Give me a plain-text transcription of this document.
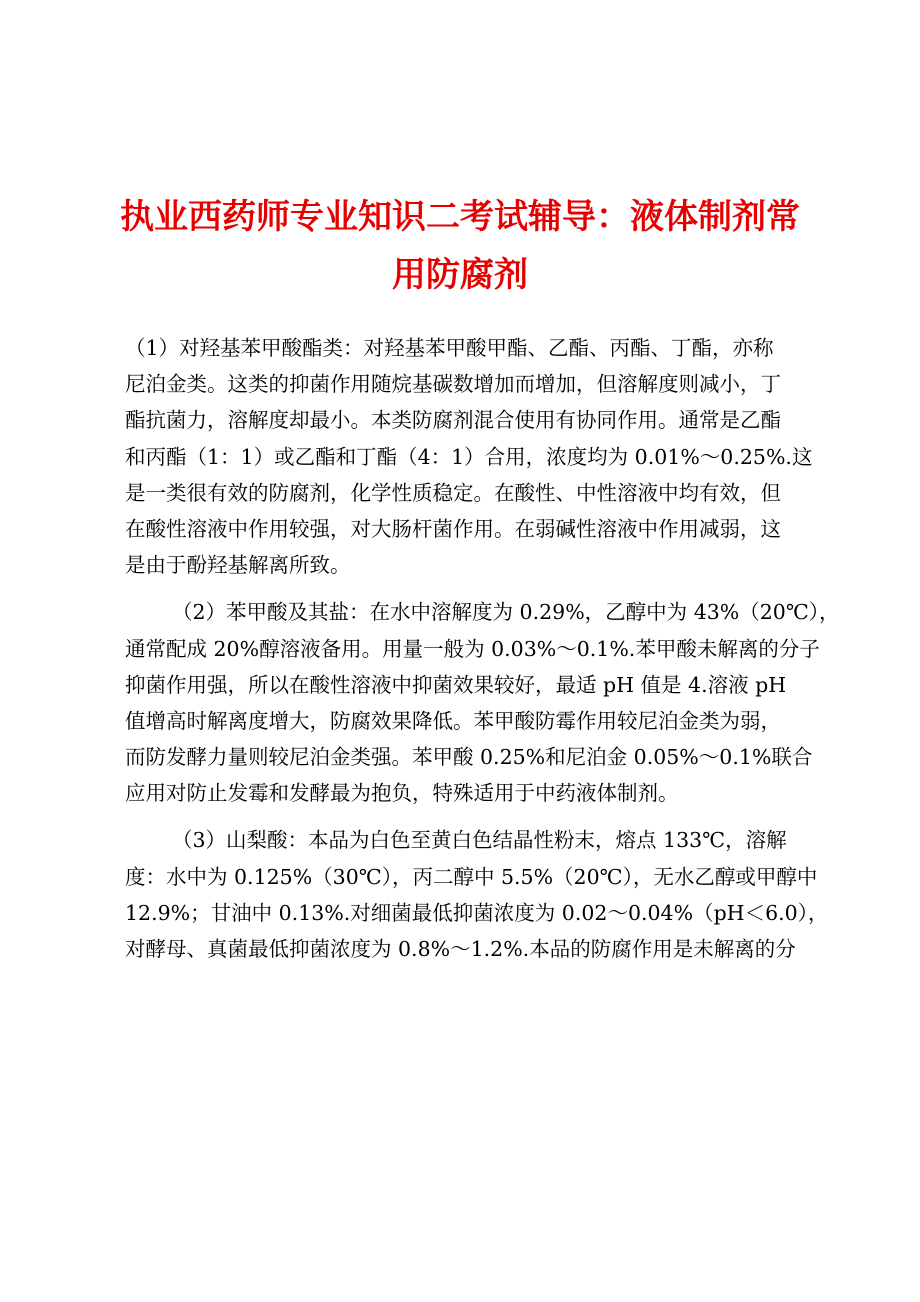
执业西药师专业知识二考试辅导：液体制剂常
用防腐剂
（1）对羟基苯甲酸酯类：对羟基苯甲酸甲酯、乙酯、丙酯、丁酯，亦称
尼泊金类。这类的抑菌作用随烷基碳数增加而增加，但溶解度则减小，丁
酯抗菌力，溶解度却最小。本类防腐剂混合使用有协同作用。通常是乙酯
和丙酯（1：1）或乙酯和丁酯（4：1）合用，浓度均为 0.01%～0.25%.这
是一类很有效的防腐剂，化学性质稳定。在酸性、中性溶液中均有效，但
在酸性溶液中作用较强，对大肠杆菌作用。在弱碱性溶液中作用减弱，这
是由于酚羟基解离所致。
（2）苯甲酸及其盐：在水中溶解度为 0.29%，乙醇中为 43%（20℃），
通常配成 20%醇溶液备用。用量一般为 0.03%～0.1%.苯甲酸未解离的分子
抑菌作用强，所以在酸性溶液中抑菌效果较好，最适 pH 值是 4.溶液 pH
值增高时解离度增大，防腐效果降低。苯甲酸防霉作用较尼泊金类为弱，
而防发酵力量则较尼泊金类强。苯甲酸 0.25%和尼泊金 0.05%～0.1%联合
应用对防止发霉和发酵最为抱负，特殊适用于中药液体制剂。
（3）山梨酸：本品为白色至黄白色结晶性粉末，熔点 133℃，溶解
度：水中为 0.125%（30℃），丙二醇中 5.5%（20℃），无水乙醇或甲醇中
12.9%；甘油中 0.13%.对细菌最低抑菌浓度为 0.02～0.04%（pH＜6.0），
对酵母、真菌最低抑菌浓度为 0.8%～1.2%.本品的防腐作用是未解离的分
